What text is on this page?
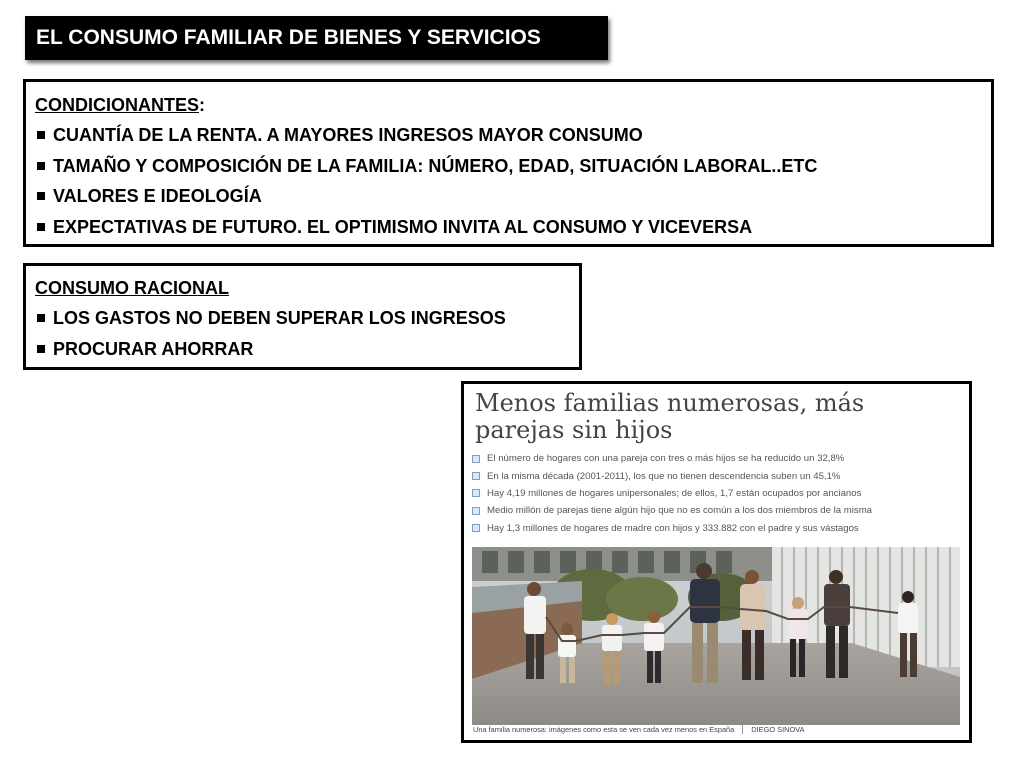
EL CONSUMO FAMILIAR DE BIENES Y SERVICIOS
CONDICIONANTES:
CUANTÍA DE LA RENTA. A MAYORES INGRESOS MAYOR CONSUMO
TAMAÑO Y COMPOSICIÓN DE LA FAMILIA: NÚMERO, EDAD, SITUACIÓN LABORAL..ETC
VALORES E IDEOLOGÍA
EXPECTATIVAS DE FUTURO. EL OPTIMISMO INVITA AL CONSUMO Y VICEVERSA
CONSUMO RACIONAL
LOS GASTOS NO DEBEN SUPERAR LOS INGRESOS
PROCURAR AHORRAR
Menos familias numerosas, más
parejas sin hijos
El número de hogares con una pareja con tres o más hijos se ha reducido un 32,8%
En la misma década (2001-2011), los que no tienen descendencia suben un 45,1%
Hay 4,19 millones de hogares unipersonales; de ellos, 1,7 están ocupados por ancianos
Medio millón de parejas tiene algún hijo que no es común a los dos miembros de la misma
Hay 1,3 millones de hogares de madre con hijos y 333.882 con el padre y sus vástagos
Una familia numerosa: imágenes como esta se ven cada vez menos en España DIEGO SINOVA
